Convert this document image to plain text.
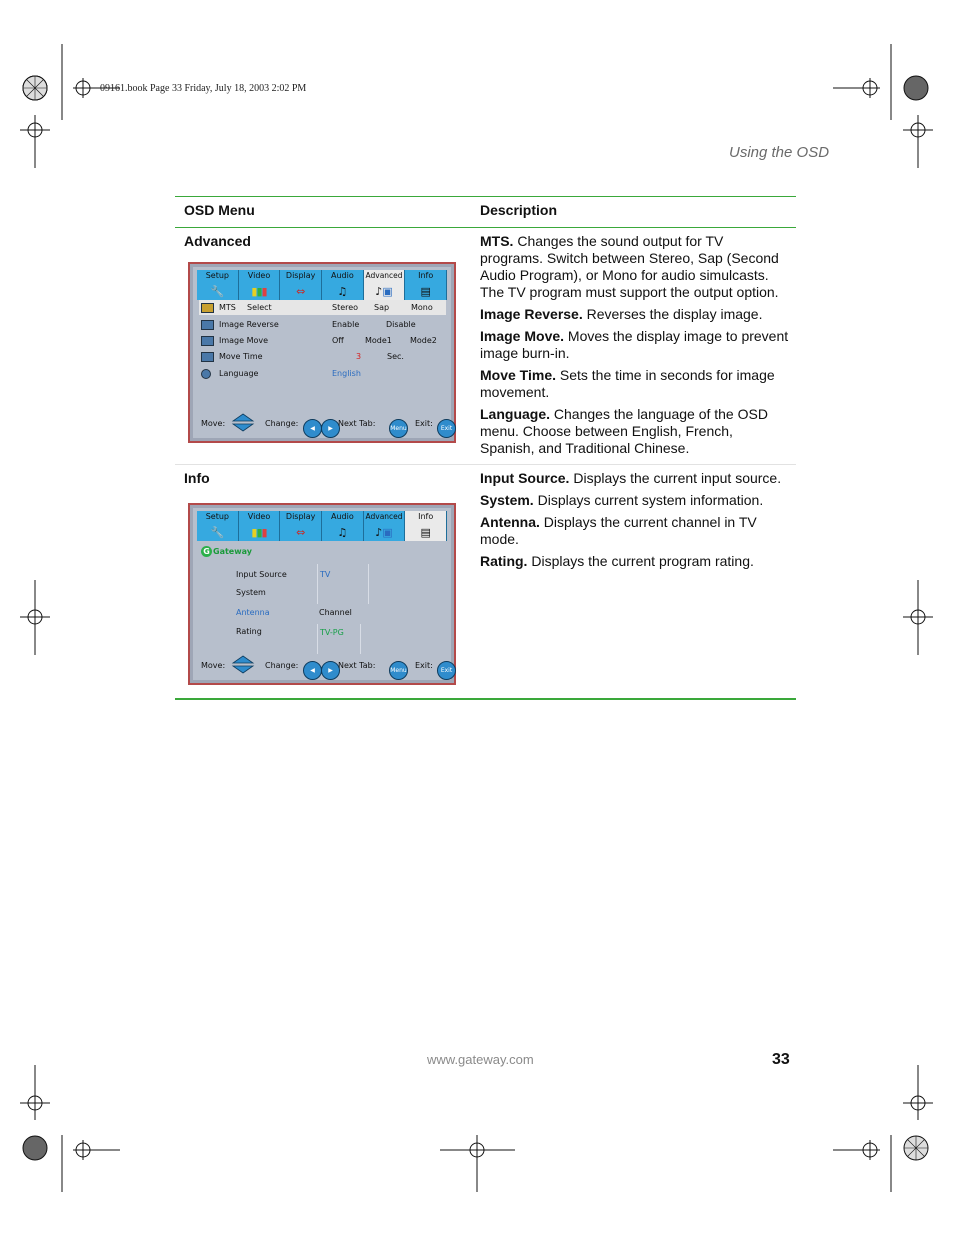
09161.book Page 33 Friday, July 18, 2003 2:02 PM
Using the OSD
OSD Menu	Description
Advanced	MTS. Changes the sound output for TV programs. Switch between Stereo, Sap (Second Audio Program), or Mono for audio simulcasts. The TV program must support the output option.

Image Reverse. Reverses the display image.

Image Move. Moves the display image to prevent image burn-in.

Move Time. Sets the time in seconds for image movement.

Language. Changes the language of the OSD menu. Choose between English, French, Spanish, and Traditional Chinese.

Setup
🔧
Video
▮▮▮
Display
⇔
Audio
♫
Advanced
♪▣
Info
▤
MTS Select	Stereo Sap	Mono
Image Reverse	Enable	Disable
Image Move	Off	Mode1 Mode2
Move Time	3	Sec.
Language	English
Move:	Change:
◀	▶
Next Tab:
Menu
Exit:
Exit
Info	Input Source. Displays the current input source.

System. Displays current system information.

Antenna. Displays the current channel in TV mode.

Rating. Displays the current program rating.

Setup
🔧
Video
▮▮▮
Display
⇔
Audio
♫
Advanced
♪▣
Info
▤
G Gateway
Input Source	TV
System
Antenna	Channel
Rating	TV-PG
Move:	Change:
◀	▶
Next Tab:
Menu
Exit:
Exit
www.gateway.com	33
